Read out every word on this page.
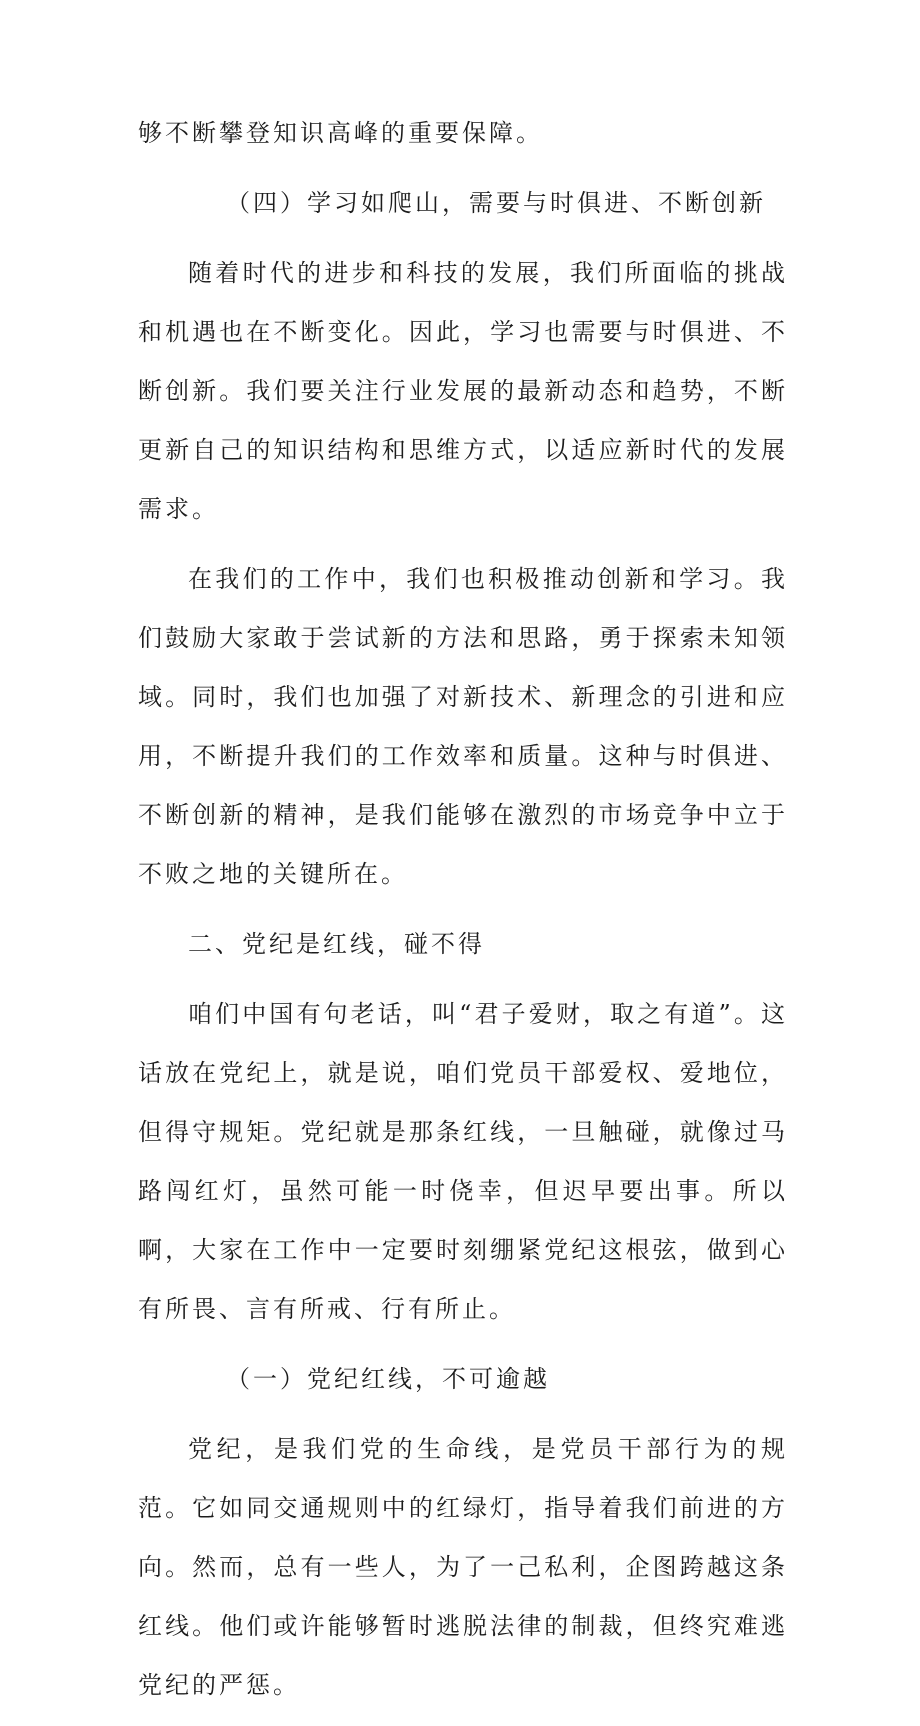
够不断攀登知识高峰的重要保障。

（四）学习如爬山，需要与时俱进、不断创新

随着时代的进步和科技的发展，我们所面临的挑战和机遇也在不断变化。因此，学习也需要与时俱进、不断创新。我们要关注行业发展的最新动态和趋势，不断更新自己的知识结构和思维方式，以适应新时代的发展需求。

在我们的工作中，我们也积极推动创新和学习。我们鼓励大家敢于尝试新的方法和思路，勇于探索未知领域。同时，我们也加强了对新技术、新理念的引进和应用，不断提升我们的工作效率和质量。这种与时俱进、不断创新的精神，是我们能够在激烈的市场竞争中立于不败之地的关键所在。

二、党纪是红线，碰不得

咱们中国有句老话，叫“君子爱财，取之有道”。这话放在党纪上，就是说，咱们党员干部爱权、爱地位，但得守规矩。党纪就是那条红线，一旦触碰，就像过马路闯红灯，虽然可能一时侥幸，但迟早要出事。所以啊，大家在工作中一定要时刻绷紧党纪这根弦，做到心有所畏、言有所戒、行有所止。

（一）党纪红线，不可逾越

党纪，是我们党的生命线，是党员干部行为的规范。它如同交通规则中的红绿灯，指导着我们前进的方向。然而，总有一些人，为了一己私利，企图跨越这条红线。他们或许能够暂时逃脱法律的制裁，但终究难逃党纪的严惩。
